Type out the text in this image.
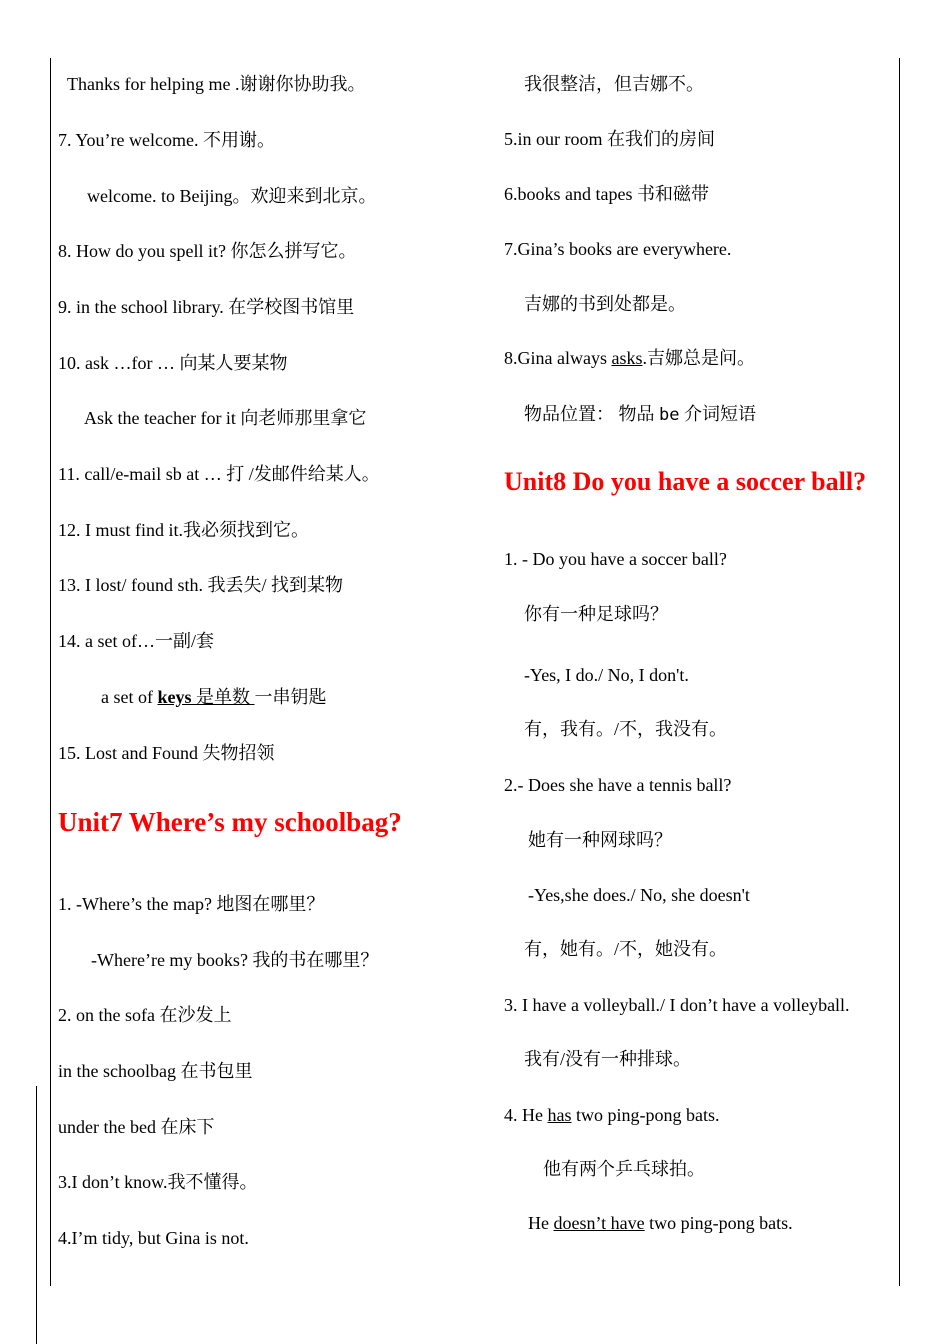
Thanks for helping me .谢谢你协助我。
7. You’re welcome. 不用谢。
welcome. to Beijing。欢迎来到北京。
8. How do you spell it? 你怎么拼写它。
9. in the school library. 在学校图书馆里
10. ask …for … 向某人要某物
Ask the teacher for it 向老师那里拿它
11. call/e-mail sb at … 打 /发邮件给某人。
12. I must find it.我必须找到它。
13. I lost/ found sth. 我丢失/ 找到某物
14. a set of…一副/套
a set of keys 是单数 一串钥匙
15. Lost and Found 失物招领
Unit7 Where’s my schoolbag?
1. -Where’s the map? 地图在哪里？
-Where’re my books? 我的书在哪里？
2. on the sofa 在沙发上
in the schoolbag 在书包里
under the bed 在床下
3.I don’t know.我不懂得。
4.I’m tidy, but Gina is not.
我很整洁，但吉娜不。
5.in our room 在我们的房间
6.books and tapes 书和磁带
7.Gina’s books are everywhere.
吉娜的书到处都是。
8.Gina always asks.吉娜总是问。
物品位置： 物品 be 介词短语
Unit8 Do you have a soccer ball?
1. - Do you have a soccer ball?
你有一种足球吗？
-Yes, I do./ No, I don't.
有，我有。/不，我没有。
2.- Does she have a tennis ball?
她有一种网球吗？
-Yes,she does./ No, she doesn't
有，她有。/不，她没有。
3. I have a volleyball./ I don’t have a volleyball.
我有/没有一种排球。
4. He has two ping-pong bats.
他有两个乒乓球拍。
He doesn’t have two ping-pong bats.
